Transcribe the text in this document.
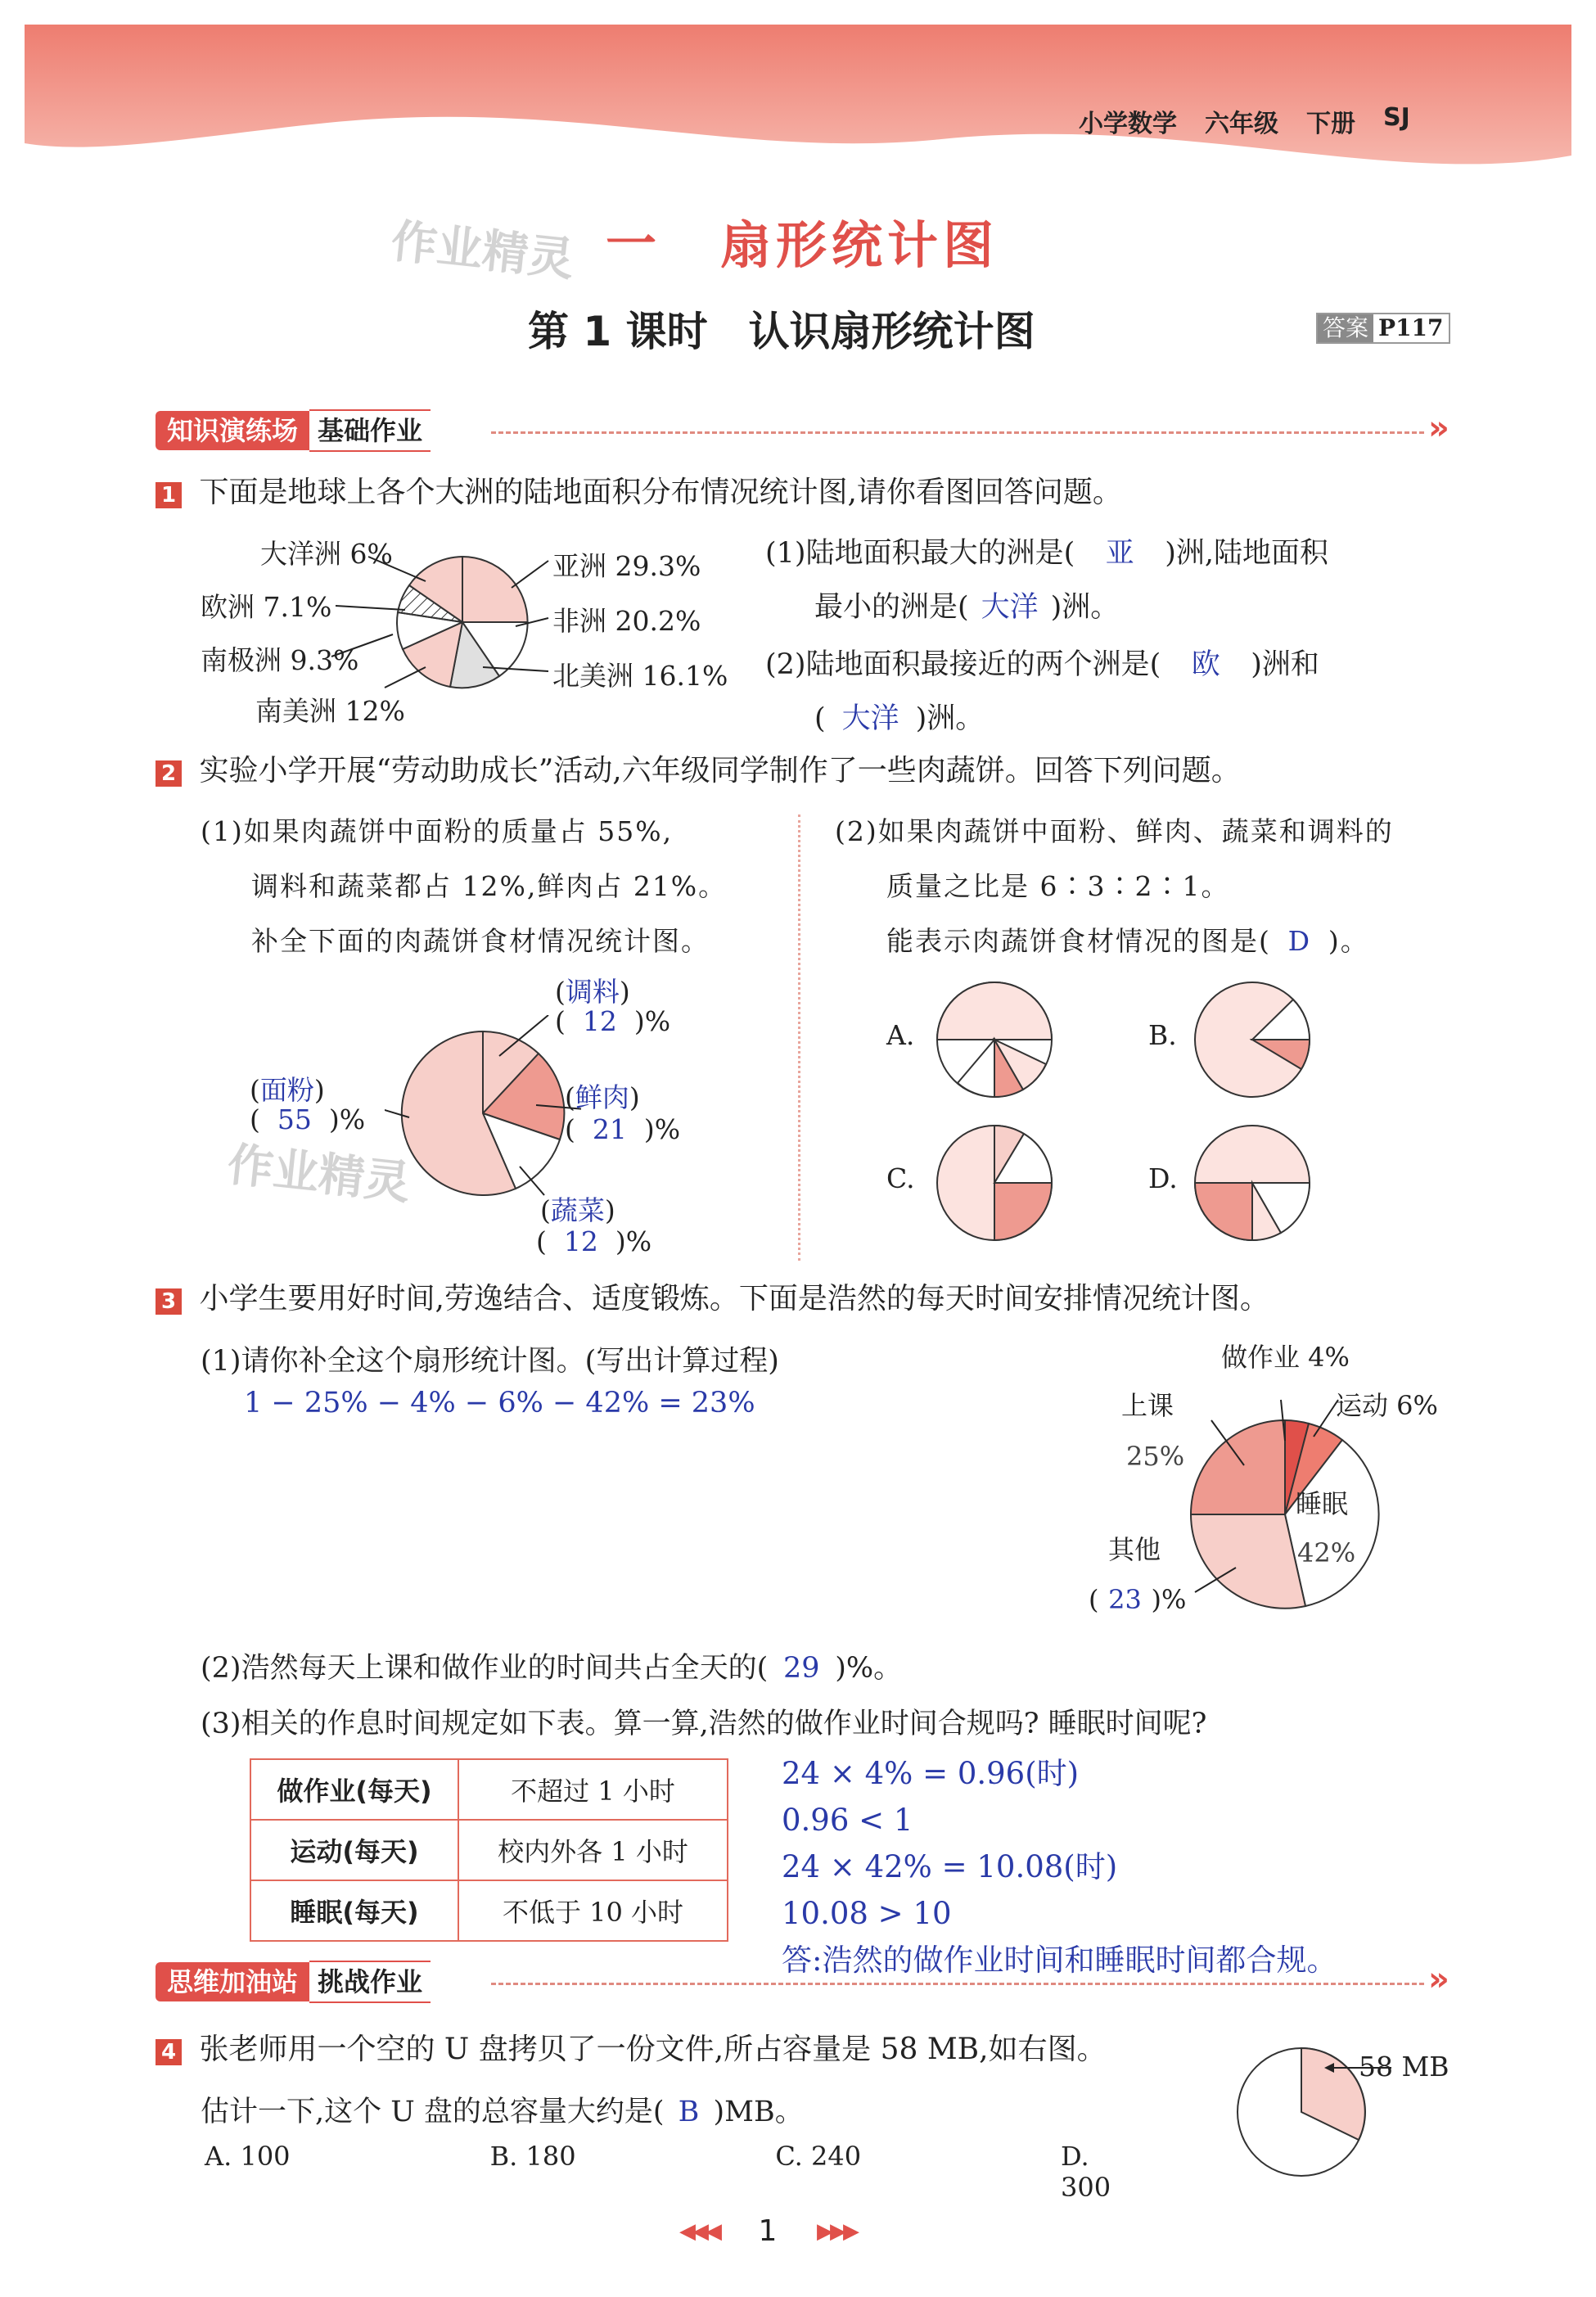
小学数学 六年级 下册 SJ
作业精灵
作业精灵
一 扇形统计图
第 1 课时　认识扇形统计图	答案 P117
知识演练场 基础作业	»
1 下面是地球上各个大洲的陆地面积分布情况统计图,请你看图回答问题。
大洋洲 6%
欧洲 7.1%
南极洲 9.3%
南美洲 12%
亚洲 29.3%
非洲 20.2%
北美洲 16.1%
(1)陆地面积最大的洲是( 亚 )洲,陆地面积
最小的洲是( 大洋 )洲。
(2)陆地面积最接近的两个洲是( 欧 )洲和
( 大洋 )洲。
2 实验小学开展“劳动助成长”活动,六年级同学制作了一些肉蔬饼。回答下列问题。
(1)如果肉蔬饼中面粉的质量占 55%,
调料和蔬菜都占 12%,鲜肉占 21%。
补全下面的肉蔬饼食材情况统计图。
(调料)
( 12 )%
(面粉)
( 55 )%
(鲜肉)
( 21 )%
(蔬菜)
( 12 )%
(2)如果肉蔬饼中面粉、鲜肉、蔬菜和调料的
质量之比是 6∶3∶2∶1。
能表示肉蔬饼食材情况的图是( D )。
A.	B.
C.	D.
3 小学生要用好时间,劳逸结合、适度锻炼。下面是浩然的每天时间安排情况统计图。
(1)请你补全这个扇形统计图。(写出计算过程)
1 − 25% − 4% − 6% − 42% = 23%
做作业 4%
运动 6%
上课
25%
睡眠
42%
其他
( 23 )%
(2)浩然每天上课和做作业的时间共占全天的( 29 )%。
(3)相关的作息时间规定如下表。算一算,浩然的做作业时间合规吗? 睡眠时间呢?
做作业(每天)	不超过 1 小时
运动(每天)	校内外各 1 小时
睡眠(每天)	不低于 10 小时
24 × 4% = 0.96(时)
0.96 < 1
24 × 42% = 10.08(时)
10.08 > 10
答:浩然的做作业时间和睡眠时间都合规。
思维加油站 挑战作业	»
4 张老师用一个空的 U 盘拷贝了一份文件,所占容量是 58 MB,如右图。
估计一下,这个 U 盘的总容量大约是( B )MB。
A. 100	B. 180	C. 240	D. 300
58 MB
◀◀◀	1	▶▶▶
